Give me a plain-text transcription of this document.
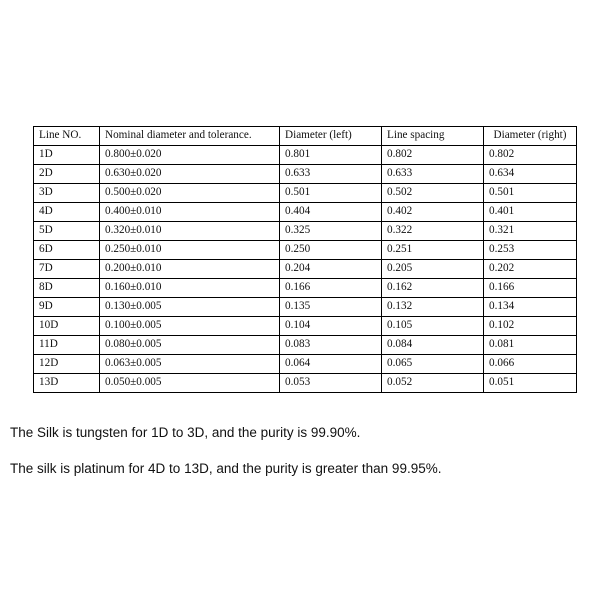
Line NO.	Nominal diameter and tolerance.	Diameter (left)	Line spacing	Diameter (right)
1D	0.800±0.020	0.801	0.802	0.802
2D	0.630±0.020	0.633	0.633	0.634
3D	0.500±0.020	0.501	0.502	0.501
4D	0.400±0.010	0.404	0.402	0.401
5D	0.320±0.010	0.325	0.322	0.321
6D	0.250±0.010	0.250	0.251	0.253
7D	0.200±0.010	0.204	0.205	0.202
8D	0.160±0.010	0.166	0.162	0.166
9D	0.130±0.005	0.135	0.132	0.134
10D	0.100±0.005	0.104	0.105	0.102
11D	0.080±0.005	0.083	0.084	0.081
12D	0.063±0.005	0.064	0.065	0.066
13D	0.050±0.005	0.053	0.052	0.051

The Silk is tungsten for 1D to 3D, and the purity is 99.90%.

The silk is platinum for 4D to 13D, and the purity is greater than 99.95%.
